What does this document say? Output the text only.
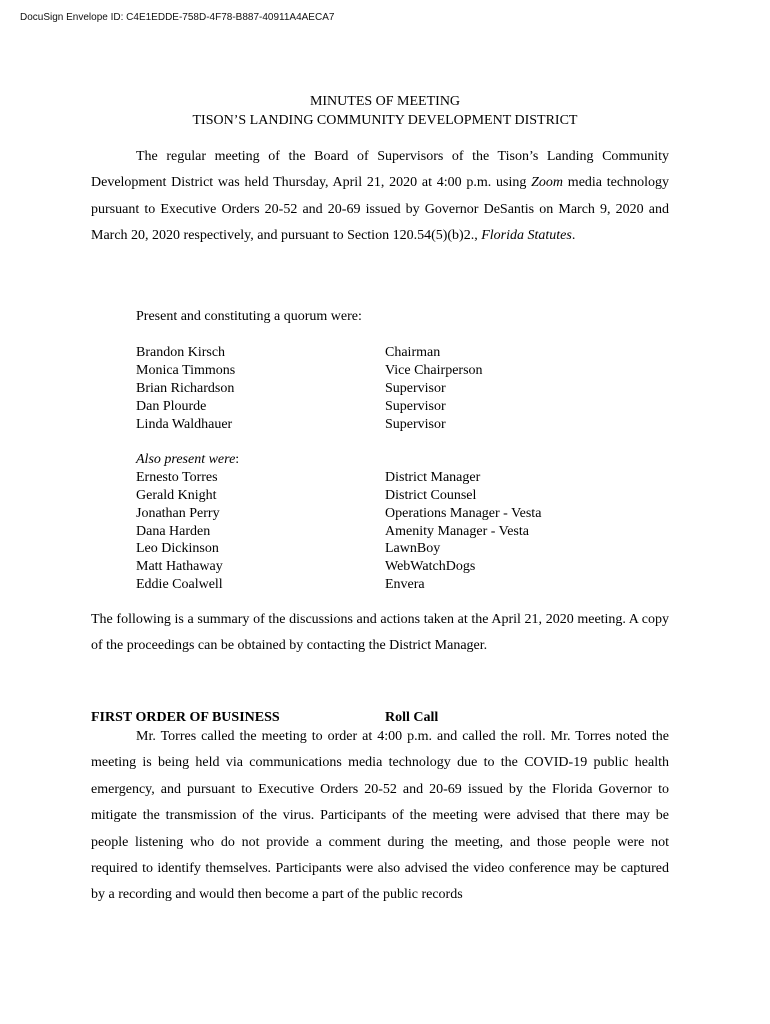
DocuSign Envelope ID: C4E1EDDE-758D-4F78-B887-40911A4AECA7
MINUTES OF MEETING
TISON’S LANDING COMMUNITY DEVELOPMENT DISTRICT
The regular meeting of the Board of Supervisors of the Tison’s Landing Community Development District was held Thursday, April 21, 2020 at 4:00 p.m. using Zoom media technology pursuant to Executive Orders 20-52 and 20-69 issued by Governor DeSantis on March 9, 2020 and March 20, 2020 respectively, and pursuant to Section 120.54(5)(b)2., Florida Statutes.
Present and constituting a quorum were:
Brandon Kirsch	Chairman
Monica Timmons	Vice Chairperson
Brian Richardson	Supervisor
Dan Plourde	Supervisor
Linda Waldhauer	Supervisor
Also present were:
Ernesto Torres	District Manager
Gerald Knight	District Counsel
Jonathan Perry	Operations Manager - Vesta
Dana Harden	Amenity Manager - Vesta
Leo Dickinson	LawnBoy
Matt Hathaway	WebWatchDogs
Eddie Coalwell	Envera
The following is a summary of the discussions and actions taken at the April 21, 2020 meeting. A copy of the proceedings can be obtained by contacting the District Manager.
FIRST ORDER OF BUSINESS	Roll Call
Mr. Torres called the meeting to order at 4:00 p.m. and called the roll. Mr. Torres noted the meeting is being held via communications media technology due to the COVID-19 public health emergency, and pursuant to Executive Orders 20-52 and 20-69 issued by the Florida Governor to mitigate the transmission of the virus. Participants of the meeting were advised that there may be people listening who do not provide a comment during the meeting, and those people were not required to identify themselves. Participants were also advised the video conference may be captured by a recording and would then become a part of the public records
